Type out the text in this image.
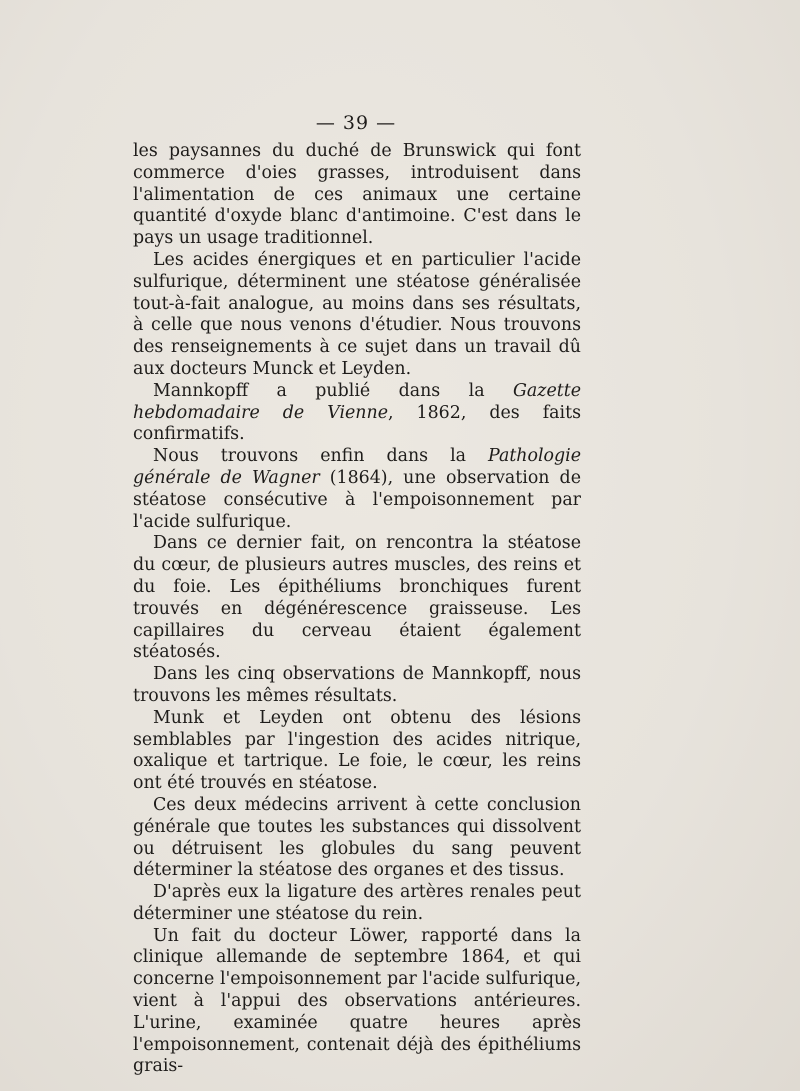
— 39 —

les paysannes du duché de Brunswick qui font commerce d'oies grasses, introduisent dans l'alimentation de ces animaux une certaine quantité d'oxyde blanc d'antimoine. C'est dans le pays un usage traditionnel.

Les acides énergiques et en particulier l'acide sulfurique, déterminent une stéatose généralisée tout-à-fait analogue, au moins dans ses résultats, à celle que nous venons d'étudier. Nous trouvons des renseignements à ce sujet dans un travail dû aux docteurs Munck et Leyden.

Mannkopff a publié dans la Gazette hebdomadaire de Vienne, 1862, des faits confirmatifs.

Nous trouvons enfin dans la Pathologie générale de Wagner (1864), une observation de stéatose consécutive à l'empoisonnement par l'acide sulfurique.

Dans ce dernier fait, on rencontra la stéatose du cœur, de plusieurs autres muscles, des reins et du foie. Les épithéliums bronchiques furent trouvés en dégénérescence graisseuse. Les capillaires du cerveau étaient également stéatosés.

Dans les cinq observations de Mannkopff, nous trouvons les mêmes résultats.

Munk et Leyden ont obtenu des lésions semblables par l'ingestion des acides nitrique, oxalique et tartrique. Le foie, le cœur, les reins ont été trouvés en stéatose.

Ces deux médecins arrivent à cette conclusion générale que toutes les substances qui dissolvent ou détruisent les globules du sang peuvent déterminer la stéatose des organes et des tissus.

D'après eux la ligature des artères renales peut déterminer une stéatose du rein.

Un fait du docteur Löwer, rapporté dans la clinique allemande de septembre 1864, et qui concerne l'empoisonnement par l'acide sulfurique, vient à l'appui des observations antérieures. L'urine, examinée quatre heures après l'empoisonnement, contenait déjà des épithéliums grais-
